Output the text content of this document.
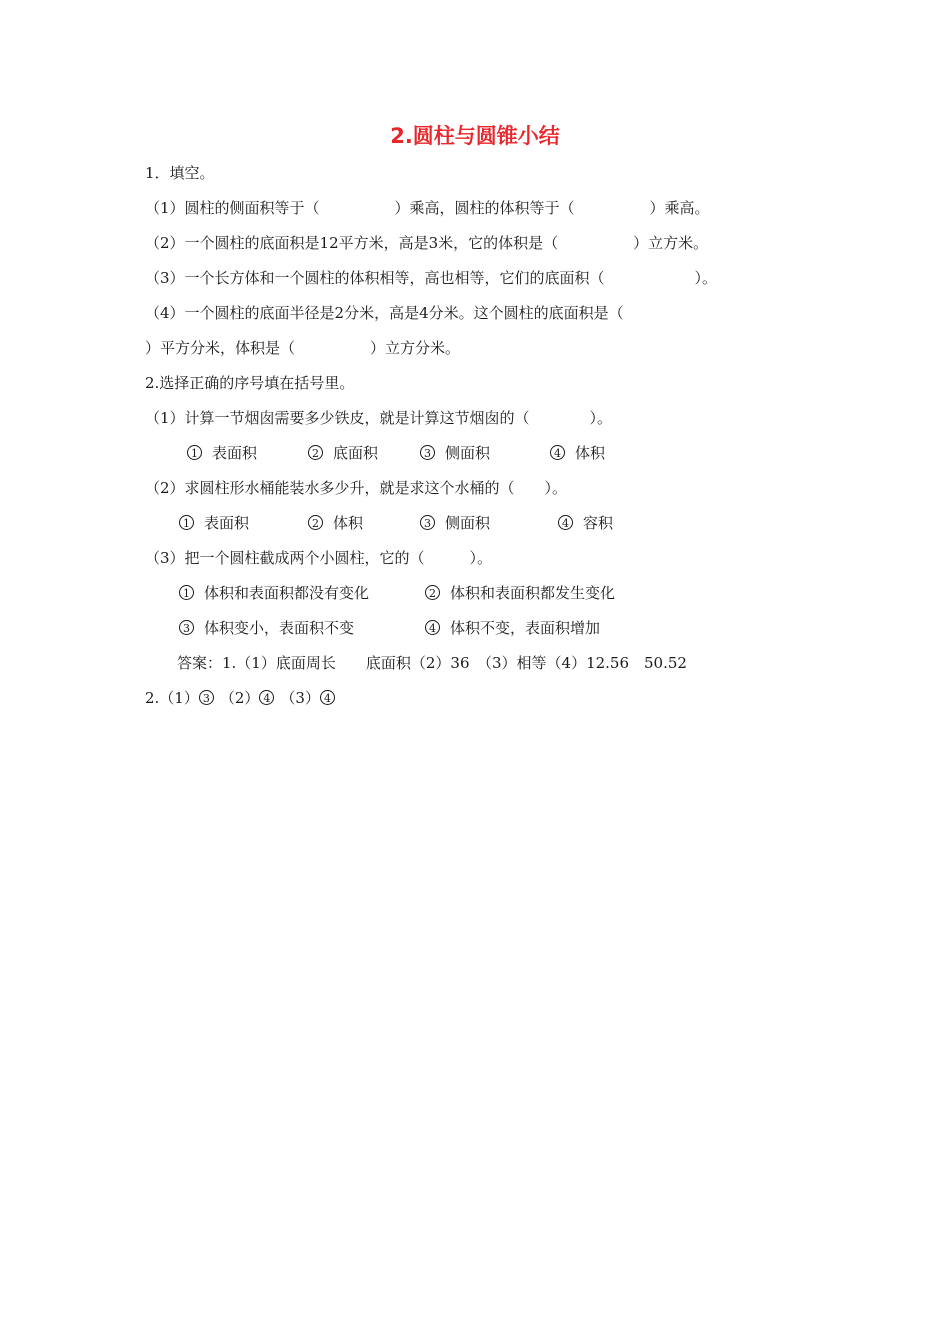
2.圆柱与圆锥小结
1．填空。
（1）圆柱的侧面积等于（　　　　　）乘高，圆柱的体积等于（　　　　　）乘高。
（2）一个圆柱的底面积是12平方米，高是3米，它的体积是（　　　　　）立方米。
（3）一个长方体和一个圆柱的体积相等，高也相等，它们的底面积（　　　　　　）。
（4）一个圆柱的底面半径是2分米，高是4分米。这个圆柱的底面积是（
）平方分米，体积是（　　　　　）立方分米。
2.选择正确的序号填在括号里。
（1）计算一节烟囱需要多少铁皮，就是计算这节烟囱的（　　　　）。
1 表面积	2 底面积	3 侧面积	4 体积
（2）求圆柱形水桶能装水多少升，就是求这个水桶的（　　）。
1 表面积	2 体积	3 侧面积	4 容积
（3）把一个圆柱截成两个小圆柱，它的（　　　）。
1 体积和表面积都没有变化	2 体积和表面积都发生变化
3 体积变小，表面积不变	4 体积不变，表面积增加
答案：1.（1）底面周长　　底面积（2）36　（3）相等（4）12.56　50.52
2.（1） 3 （2） 4 （3） 4
